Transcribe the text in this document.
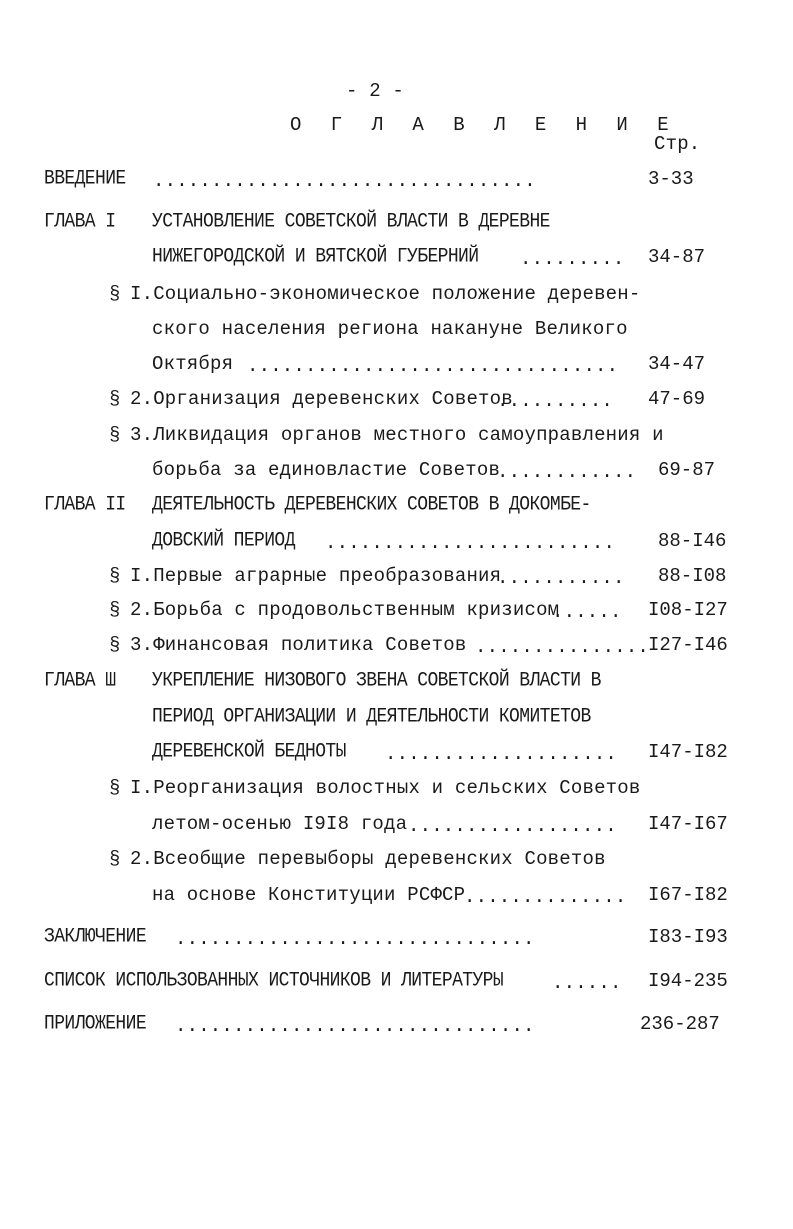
- 2 -
О Г Л А В Л Е Н И Е
Стр.
ВВЕДЕНИЕ .................................	3-33
ГЛАВА I УСТАНОВЛЕНИЕ СОВЕТСКОЙ ВЛАСТИ В ДЕРЕВНЕ
НИЖЕГОРОДСКОЙ И ВЯТСКОЙ ГУБЕРНИЙ ......... 34-87
§ I.Социально-экономическое положение деревен-
ского населения региона накануне Великого
Октября ................................ 34-47
§ 2.Организация деревенских Советов
.......... 47-69
§ 3.Ликвидация органов местного самоуправления и
борьба за единовластие Советов
............ 69-87
ГЛАВА II ДЕЯТЕЛЬНОСТЬ ДЕРЕВЕНСКИХ СОВЕТОВ В ДОКОМБЕ-
ДОВСКИЙ ПЕРИОД ......................... 88-I46
§ I.Первые аграрные преобразования
........... 88-I08
§ 2.Борьба с продовольственным кризисом
...... I08-I27
§ 3.Финансовая политика Советов ...............
I27-I46
ГЛАВА Ш УКРЕПЛЕНИЕ НИЗОВОГО ЗВЕНА СОВЕТСКОЙ ВЛАСТИ В
ПЕРИОД ОРГАНИЗАЦИИ И ДЕЯТЕЛЬНОСТИ КОМИТЕТОВ
ДЕРЕВЕНСКОЙ БЕДНОТЫ .................... I47-I82
§ I.Реорганизация волостных и сельских Советов
летом-осенью I9I8 года .................. I47-I67
§ 2.Всеобщие перевыборы деревенских Советов
на основе Конституции РСФСР
.............. I67-I82
ЗАКЛЮЧЕНИЕ ...............................	I83-I93
СПИСОК ИСПОЛЬЗОВАННЫХ ИСТОЧНИКОВ И ЛИТЕРАТУРЫ	...... I94-235
ПРИЛОЖЕНИЕ ...............................	236-287
